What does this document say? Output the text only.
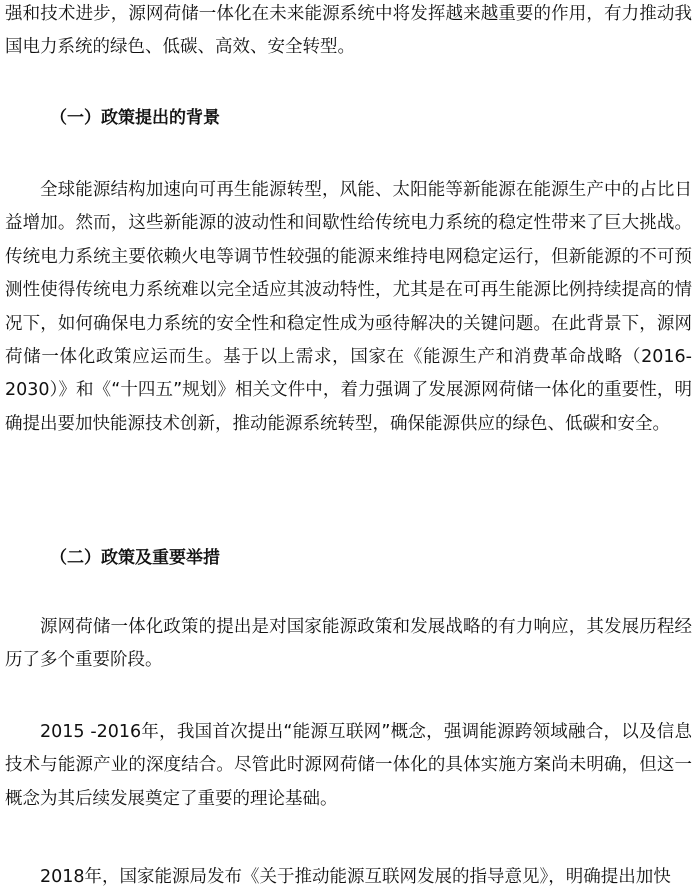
强和技术进步，源网荷储一体化在未来能源系统中将发挥越来越重要的作用，有力推动我国电力系统的绿色、低碳、高效、安全转型。

（一）政策提出的背景

全球能源结构加速向可再生能源转型，风能、太阳能等新能源在能源生产中的占比日益增加。然而，这些新能源的波动性和间歇性给传统电力系统的稳定性带来了巨大挑战。传统电力系统主要依赖火电等调节性较强的能源来维持电网稳定运行，但新能源的不可预测性使得传统电力系统难以完全适应其波动特性，尤其是在可再生能源比例持续提高的情况下，如何确保电力系统的安全性和稳定性成为亟待解决的关键问题。在此背景下，源网荷储一体化政策应运而生。基于以上需求，国家在《能源生产和消费革命战略（2016-2030）》和《“十四五”规划》相关文件中，着力强调了发展源网荷储一体化的重要性，明确提出要加快能源技术创新，推动能源系统转型，确保能源供应的绿色、低碳和安全。

（二）政策及重要举措

源网荷储一体化政策的提出是对国家能源政策和发展战略的有力响应，其发展历程经历了多个重要阶段。

2015 -2016年，我国首次提出“能源互联网”概念，强调能源跨领域融合，以及信息技术与能源产业的深度结合。尽管此时源网荷储一体化的具体实施方案尚未明确，但这一概念为其后续发展奠定了重要的理论基础。

2018年，国家能源局发布《关于推动能源互联网发展的指导意见》，明确提出加快
